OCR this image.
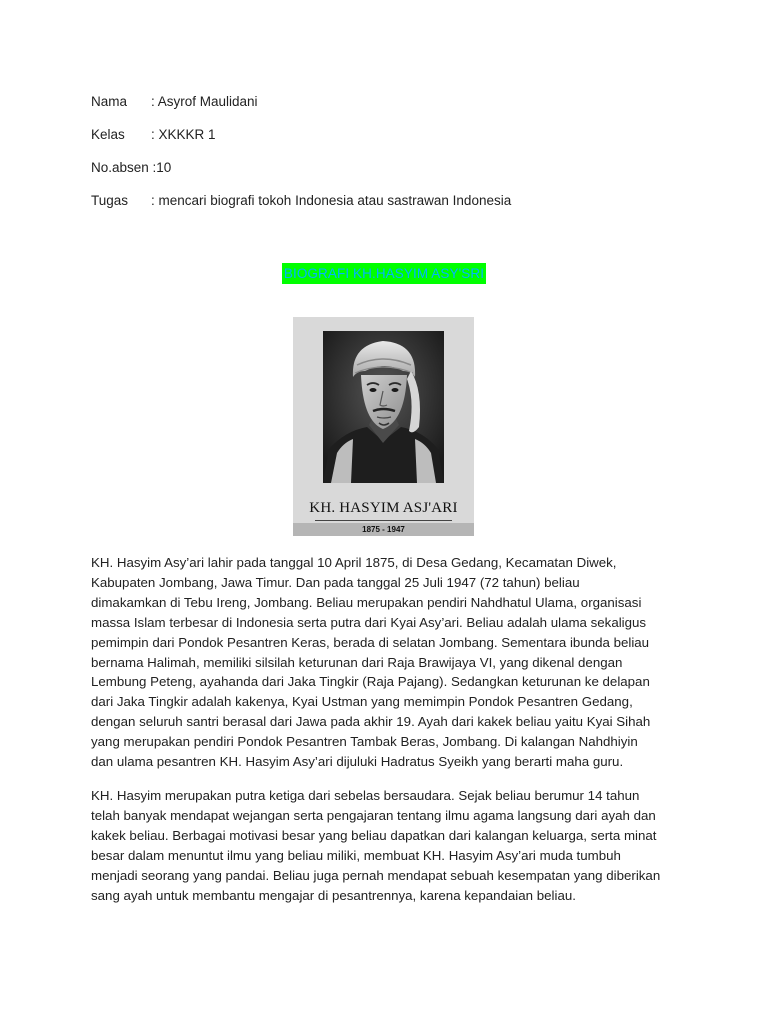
Nama : Asyrof Maulidani
Kelas : XKKKR 1
No.absen :10
Tugas : mencari biografi tokoh Indonesia atau sastrawan Indonesia
BIOGRAFI KH.HASYIM ASY'SRI
KH. HASYIM ASJ'ARI
1875 - 1947

KH. Hasyim Asy’ari lahir pada tanggal 10 April 1875, di Desa Gedang, Kecamatan Diwek,
Kabupaten Jombang, Jawa Timur. Dan pada tanggal 25 Juli 1947 (72 tahun) beliau
dimakamkan di Tebu Ireng, Jombang. Beliau merupakan pendiri Nahdhatul Ulama, organisasi
massa Islam terbesar di Indonesia serta putra dari Kyai Asy’ari. Beliau adalah ulama sekaligus
pemimpin dari Pondok Pesantren Keras, berada di selatan Jombang. Sementara ibunda beliau
bernama Halimah, memiliki silsilah keturunan dari Raja Brawijaya VI, yang dikenal dengan
Lembung Peteng, ayahanda dari Jaka Tingkir (Raja Pajang). Sedangkan keturunan ke delapan
dari Jaka Tingkir adalah kakenya, Kyai Ustman yang memimpin Pondok Pesantren Gedang,
dengan seluruh santri berasal dari Jawa pada akhir 19. Ayah dari kakek beliau yaitu Kyai Sihah
yang merupakan pendiri Pondok Pesantren Tambak Beras, Jombang. Di kalangan Nahdhiyin
dan ulama pesantren KH. Hasyim Asy’ari dijuluki Hadratus Syeikh yang berarti maha guru.

KH. Hasyim merupakan putra ketiga dari sebelas bersaudara. Sejak beliau berumur 14 tahun
telah banyak mendapat wejangan serta pengajaran tentang ilmu agama langsung dari ayah dan
kakek beliau. Berbagai motivasi besar yang beliau dapatkan dari kalangan keluarga, serta minat
besar dalam menuntut ilmu yang beliau miliki, membuat KH. Hasyim Asy’ari muda tumbuh
menjadi seorang yang pandai. Beliau juga pernah mendapat sebuah kesempatan yang diberikan
sang ayah untuk membantu mengajar di pesantrennya, karena kepandaian beliau.
